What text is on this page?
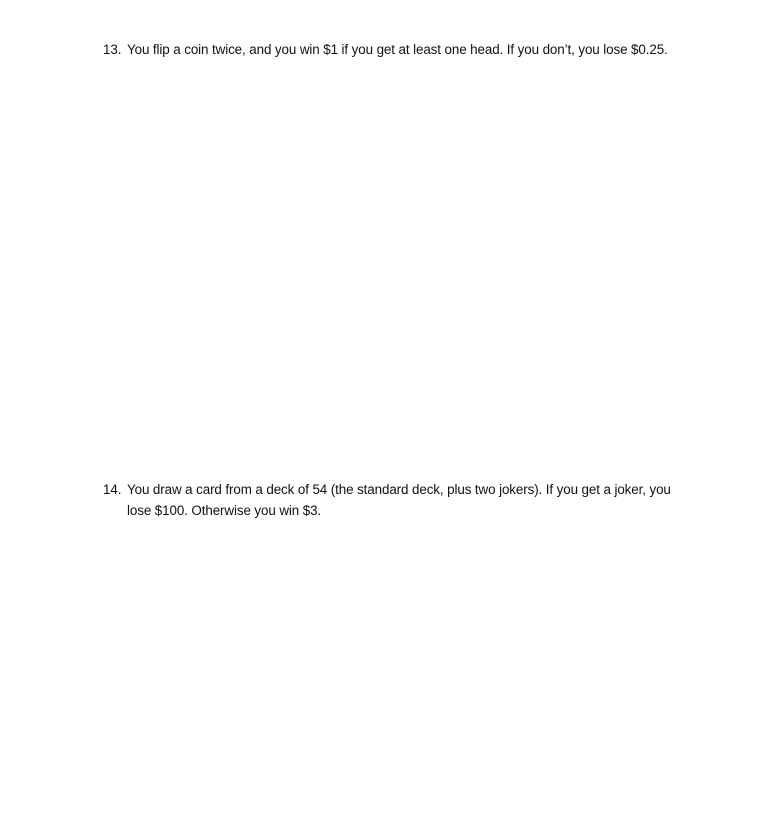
13. You flip a coin twice, and you win $1 if you get at least one head. If you don’t, you lose $0.25.
14. You draw a card from a deck of 54 (the standard deck, plus two jokers). If you get a joker, you
lose $100. Otherwise you win $3.
